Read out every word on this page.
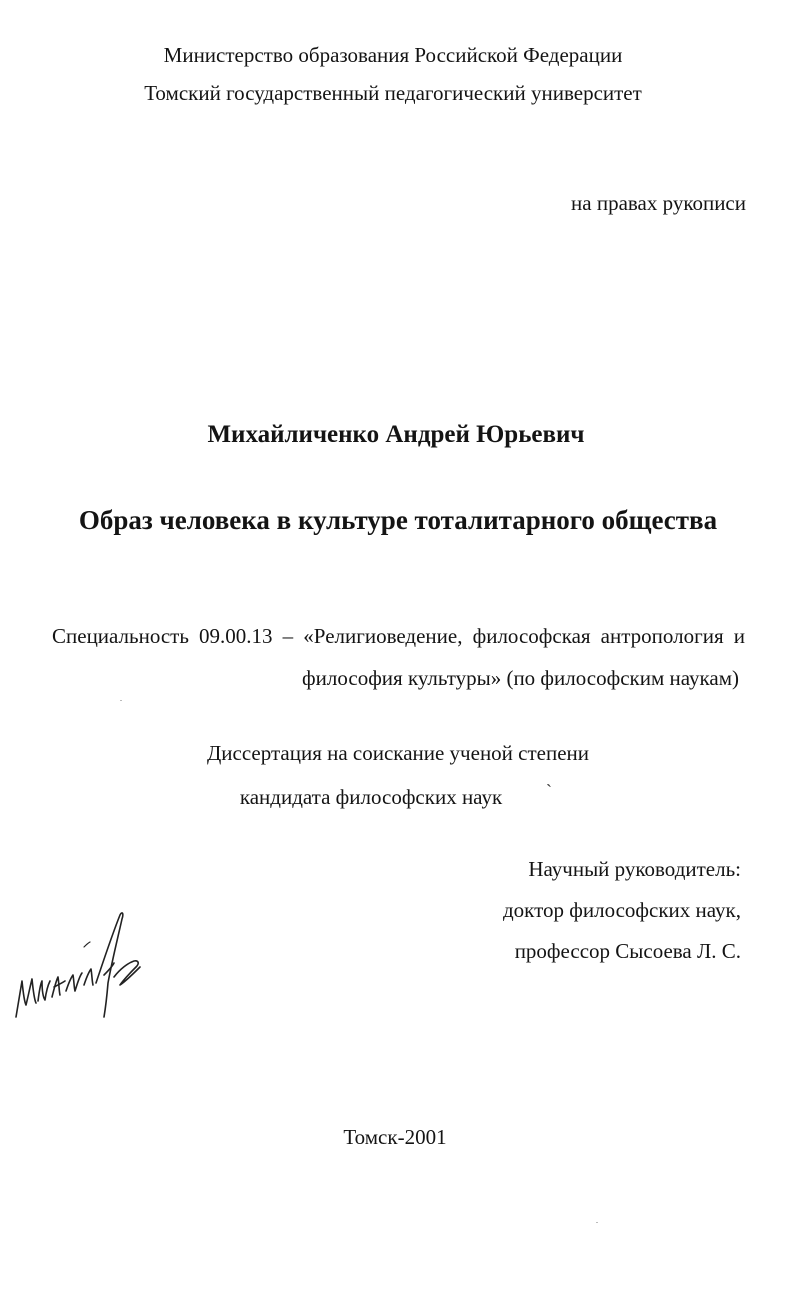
Министерство образования Российской Федерации
Томский государственный педагогический университет
на правах рукописи
Михайличенко Андрей Юрьевич
Образ человека в культуре тоталитарного общества
Специальность 09.00.13 – «Религиоведение, философская антропология и
философия культуры» (по философским наукам)
Диссертация на соискание ученой степени
кандидата философских наук	ˋ
Научный руководитель:
доктор философских наук,
профессор Сысоева Л. С.
Томск-2001
